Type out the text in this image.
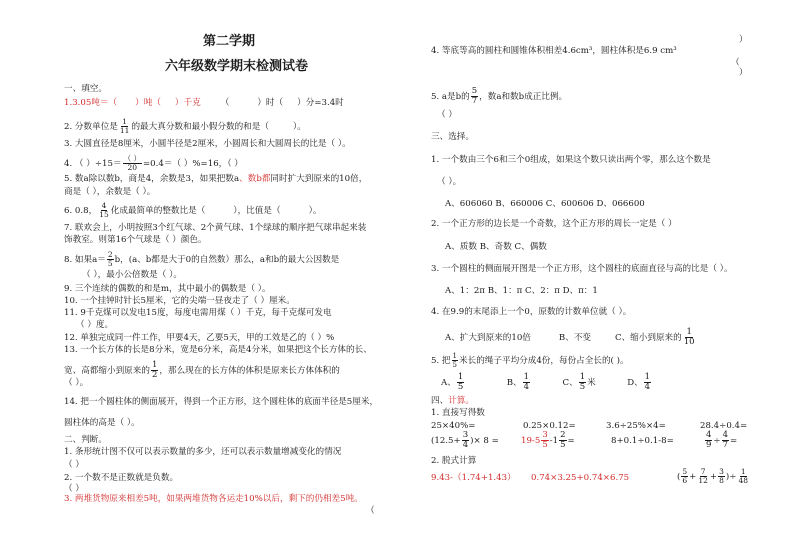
第二学期
六年级数学期末检测试卷
一、填空。
1.3.05吨＝（ ）吨（ ）千克 （	）时（ ）分=3.4时
2. 分数单位是 $\frac{1}{11}$ 的最大真分数和最小假分数的和是（	）。
3. 大圆直径是8厘米，小圆半径是2厘米，小圆周长和大圆周长的比是（ ）。
4. （ ）÷15＝
（ ）
20 =0.4＝（ ）%=16，（ ）
5. 数a除以数b，商是4，余数是3，如果把数a、数b都同时扩大到原来的10倍，
商是（ ），余数是（ ）。
6. 0.8， $\frac{4}{15}$ 化成最简单的整数比是（	），比值是（	）。
7. 联欢会上，小明按照3个红气球、2个黄气球、1个绿球的顺序把气球串起来装
饰教室。则第16个气球是（ ）颜色。
8. 如果$a= \frac{2}{5}$ b，(a、b都是大于0的自然数）那么，a和b的最大公因数是
（ ），最小公倍数是（ ）。
9. 三个连续的偶数的和是m，其中最小的偶数是（ ）。
10. 一个挂钟时针长5厘米，它的尖端一昼夜走了（ ）厘米。
11. 9千克煤可以发电15度，每度电需用煤（ ）千克，每千克煤可发电
（ ）度。
12. 单独完成同一件工作，甲要4天，乙要5天，甲的工效是乙的（ ）%
13. 一个长方体的长是8分米，宽是6分米，高是4分米，如果把这个长方体的长、
宽、高都缩小到原来的 $\frac{1}{2}$ ，那么现在的长方体的体积是原来长方体体积的
（ ）。
14. 把一个圆柱体的侧面展开，得到一个正方形，这个圆柱体的底面半径是5厘米，
圆柱体的高是（ ）。
二、判断。
1. 条形统计图不仅可以表示数量的多少，还可以表示数量增减变化的情况
（ ）
2. 一个数不是正数就是负数。
（ ）
3. 两堆货物原来相差5吨，如果两堆货物各运走10%以后，剩下的仍相差5吨。
（
）
4. 等底等高的圆柱和圆锥体积相差4.6cm³，圆柱体积是6.9 cm³
（
）
5. a是b的 $\frac{5}{7}$ ，数a和数b成正比例。
（ ）
三、选择。
1. 一个数由三个6和三个0组成，如果这个数只读出两个零，那么这个数是
（ ）。
A、606060 B、660006 C、600606 D、066600
2. 一个正方形的边长是一个奇数，这个正方形的周长一定是（ ）
A、质数 B、奇数 C、偶数
3. 一个圆柱的侧面展开图是一个正方形，这个圆柱的底面直径与高的比是（ ）。
A、1：2π B、1：π C、2：π D、π：1
4. 在9.9的末尾添上一个0，原数的计数单位就（ ）。
A、扩大到原来的10倍	B、不变	C、缩小到原来的 $\frac{1}{10}$
5. 把 $\frac{1}{5}$ 米长的绳子平均分成4份，每份占全长的( )。
A、 $\frac{1}{5}$	B、 $\frac{1}{4}$	C、 $\frac{1}{5}$ 米	D、 $\frac{1}{4}$
四、计算。
1. 直接写得数
25×40%=	0.25×0.12=	3.6÷25%×4=	28.4÷0.4=
($12.5+ \frac{3}{4}$ )× 8 =	$19-5 \frac{3}{5} -1 \frac{2}{5}$ =	8+0.1÷0.1-8=	$\frac{4}{9} \div \frac{4}{7}$ =
2. 脱式计算
9.43-（1.74+1.43） 0.74×3.25+0.74×6.75	( $\frac{5}{6} + \frac{7}{12} + \frac{3}{8}$ )÷ $\frac{1}{48}$
